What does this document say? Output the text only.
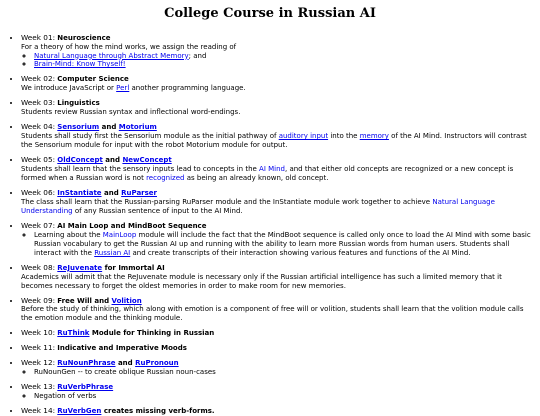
College Course in Russian AI
• Week 01: Neuroscience
For a theory of how the mind works, we assign the reading of
◦ Natural Language through Abstract Memory; and
◦ Brain-Mind: Know Thyself!
• Week 02: Computer Science
We introduce JavaScript or Perl another programming language.
• Week 03: Linguistics
Students review Russian syntax and inflectional word-endings.
• Week 04: Sensorium and Motorium
Students shall study first the Sensorium module as the initial pathway of auditory input into the memory of the AI Mind. Instructors will contrast the Sensorium module for input with the robot Motorium module for output.
• Week 05: OldConcept and NewConcept
Students shall learn that the sensory inputs lead to concepts in the AI Mind, and that either old concepts are recognized or a new concept is formed when a Russian word is not recognized as being an already known, old concept.
• Week 06: InStantiate and RuParser
The class shall learn that the Russian-parsing RuParser module and the InStantiate module work together to achieve Natural Language Understanding of any Russian sentence of input to the AI Mind.
• Week 07: AI Main Loop and MindBoot Sequence
◦ Learning about the MainLoop module will include the fact that the MindBoot sequence is called only once to load the AI Mind with some basic Russian vocabulary to get the Russian AI up and running with the ability to learn more Russian words from human users. Students shall interact with the Russian AI and create transcripts of their interaction showing various features and functions of the AI Mind.
• Week 08: ReJuvenate for Immortal AI
Academics will admit that the ReJuvenate module is necessary only if the Russian artificial intelligence has such a limited memory that it becomes necessary to forget the oldest memories in order to make room for new memories.
• Week 09: Free Will and Volition
Before the study of thinking, which along with emotion is a component of free will or volition, students shall learn that the volition module calls the emotion module and the thinking module.
• Week 10: RuThink Module for Thinking in Russian
• Week 11: Indicative and Imperative Moods
• Week 12: RuNounPhrase and RuPronoun
◦ RuNounGen -- to create oblique Russian noun-cases
• Week 13: RuVerbPhrase
◦ Negation of verbs
• Week 14: RuVerbGen creates missing verb-forms.
